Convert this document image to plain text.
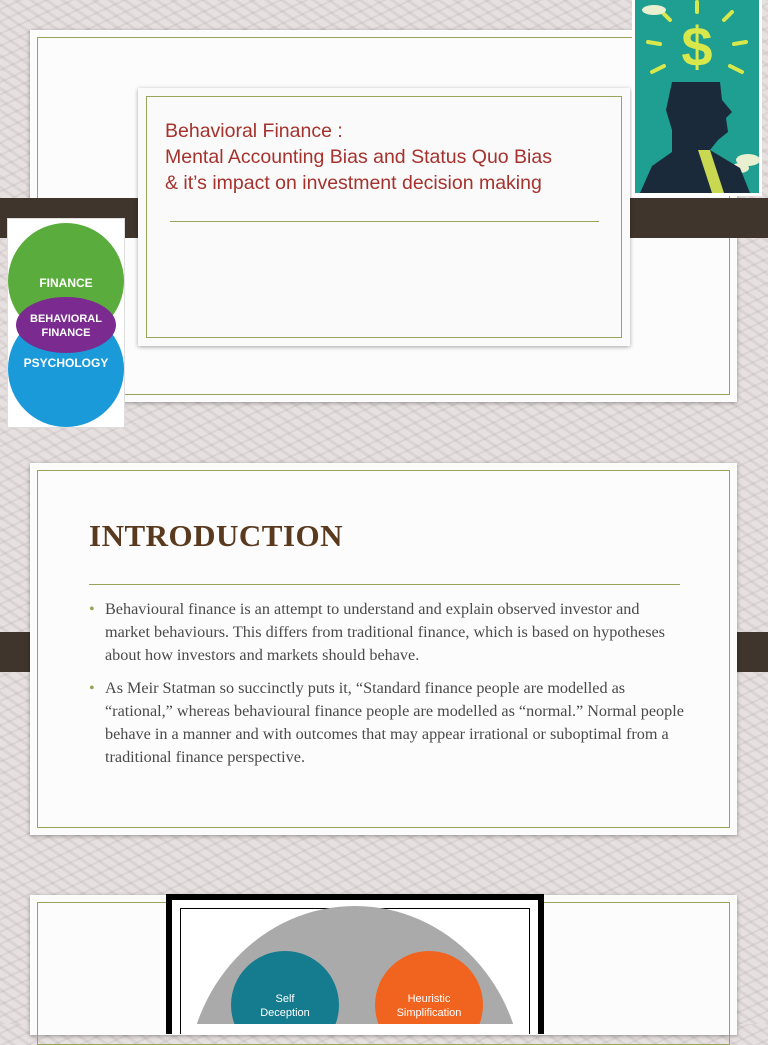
Behavioral Finance :
Mental Accounting Bias and Status Quo Bias
& it’s impact on investment decision making
FINANCE
BEHAVIORAL
FINANCE
PSYCHOLOGY
$
INTRODUCTION
• Behavioural finance is an attempt to understand and explain observed investor and market behaviours. This differs from traditional finance, which is based on hypotheses about how investors and markets should behave.
• As Meir Statman so succinctly puts it, “Standard finance people are modelled as “rational,” whereas behavioural finance people are modelled as “normal.” Normal people behave in a manner and with outcomes that may appear irrational or suboptimal from a traditional finance perspective.
Self
Deception
Heuristic
Simplification
